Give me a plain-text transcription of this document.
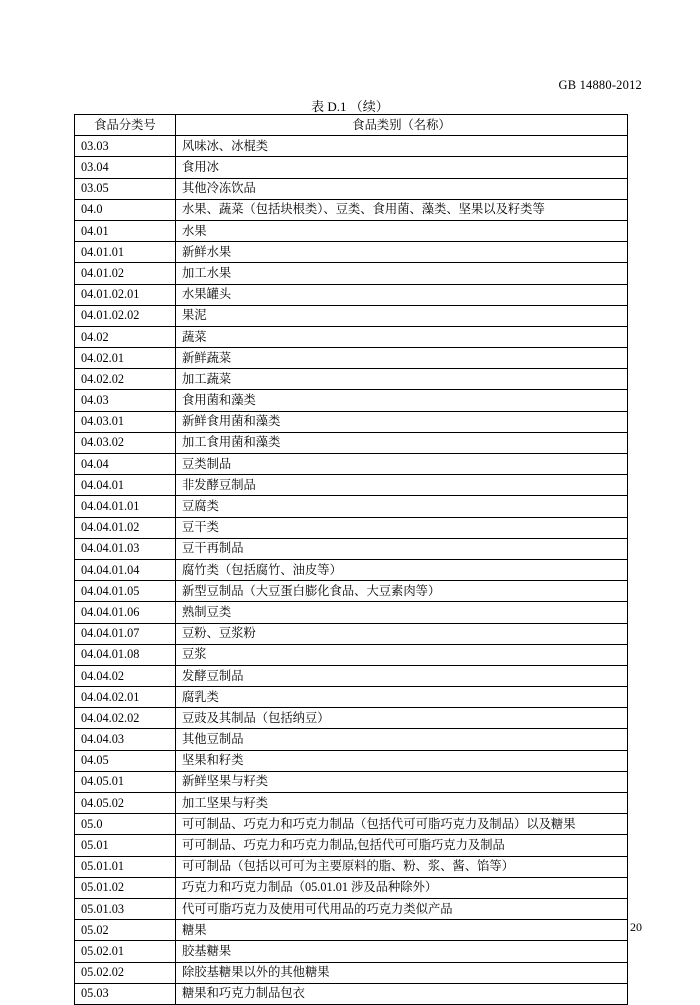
GB 14880-2012
表 D.1 （续）
食品分类号	食品类别（名称）
03.03	风味冰、冰棍类
03.04	食用冰
03.05	其他冷冻饮品
04.0	水果、蔬菜（包括块根类）、豆类、食用菌、藻类、坚果以及籽类等
04.01	水果
04.01.01	新鲜水果
04.01.02	加工水果
04.01.02.01	水果罐头
04.01.02.02	果泥
04.02	蔬菜
04.02.01	新鲜蔬菜
04.02.02	加工蔬菜
04.03	食用菌和藻类
04.03.01	新鲜食用菌和藻类
04.03.02	加工食用菌和藻类
04.04	豆类制品
04.04.01	非发酵豆制品
04.04.01.01	豆腐类
04.04.01.02	豆干类
04.04.01.03	豆干再制品
04.04.01.04	腐竹类（包括腐竹、油皮等）
04.04.01.05	新型豆制品（大豆蛋白膨化食品、大豆素肉等）
04.04.01.06	熟制豆类
04.04.01.07	豆粉、豆浆粉
04.04.01.08	豆浆
04.04.02	发酵豆制品
04.04.02.01	腐乳类
04.04.02.02	豆豉及其制品（包括纳豆）
04.04.03	其他豆制品
04.05	坚果和籽类
04.05.01	新鲜坚果与籽类
04.05.02	加工坚果与籽类
05.0	可可制品、巧克力和巧克力制品（包括代可可脂巧克力及制品）以及糖果
05.01	可可制品、巧克力和巧克力制品,包括代可可脂巧克力及制品
05.01.01	可可制品（包括以可可为主要原料的脂、粉、浆、酱、馅等）
05.01.02	巧克力和巧克力制品（05.01.01 涉及品种除外）
05.01.03	代可可脂巧克力及使用可代用品的巧克力类似产品
05.02	糖果
05.02.01	胶基糖果
05.02.02	除胶基糖果以外的其他糖果
05.03	糖果和巧克力制品包衣
20
